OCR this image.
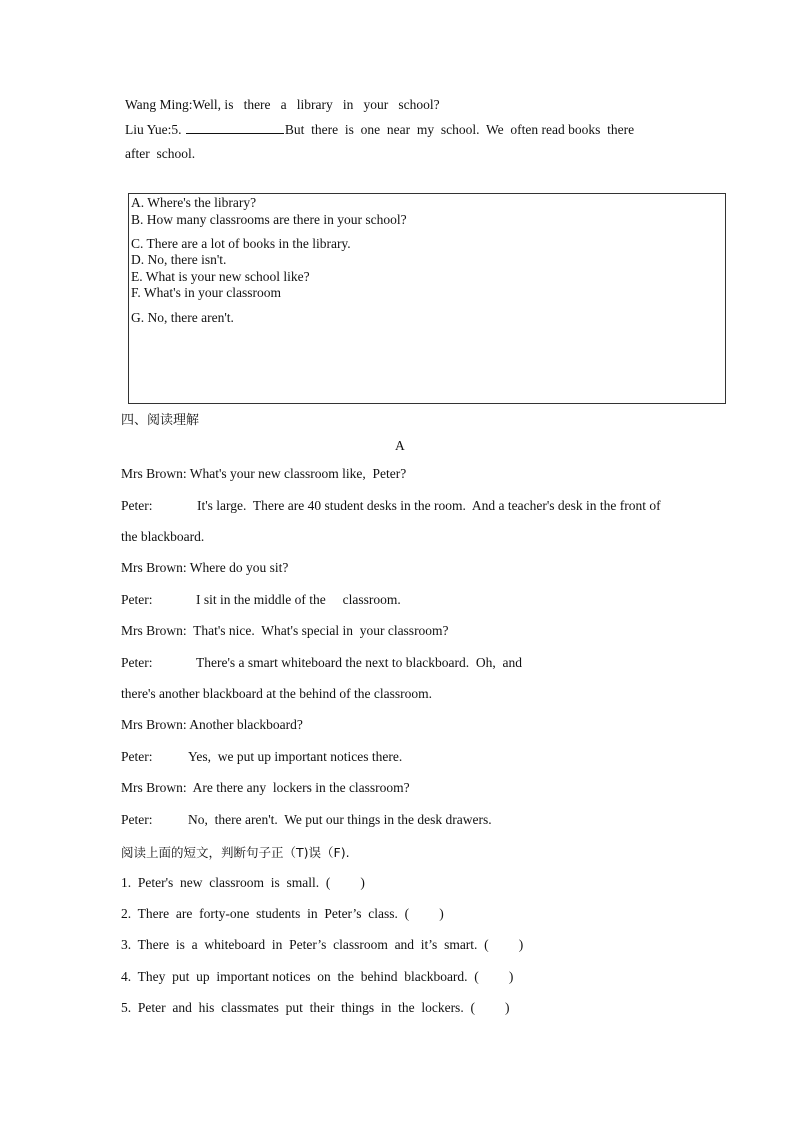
Wang Ming:Well, is   there   a   library   in   your   school?
Liu Yue:5.	But  there  is  one  near  my  school.  We  often read books  there
after  school.
A. Where's the library?
B. How many classrooms are there in your school?
C. There are a lot of books in the library.
D. No, there isn't.
E. What is your new school like?
F. What's in your classroom
G. No, there aren't.
四、阅读理解
A
Mrs Brown: What's your new classroom like,  Peter?
Peter:	It's large.  There are 40 student desks in the room.  And a teacher's desk in the front of
the blackboard.
Mrs Brown: Where do you sit?
Peter:	I sit in the middle of the     classroom.
Mrs Brown:  That's nice.  What's special in  your classroom?
Peter:	There's a smart whiteboard the next to blackboard.  Oh,  and
there's another blackboard at the behind of the classroom.
Mrs Brown: Another blackboard?
Peter:	Yes,  we put up important notices there.
Mrs Brown:  Are there any  lockers in the classroom?
Peter:	No,  there aren't.  We put our things in the desk drawers.
阅读上面的短文，判断句子正（T)误（F).
1.  Peter's  new  classroom  is  small.  ( )
2.  There  are  forty-one  students  in  Peter’s  class.  ( )
3.  There  is  a  whiteboard  in  Peter’s  classroom  and  it’s  smart.  ( )
4.  They  put  up  important notices  on  the  behind  blackboard.  ( )
5.  Peter  and  his  classmates  put  their  things  in  the  lockers.  ( )
